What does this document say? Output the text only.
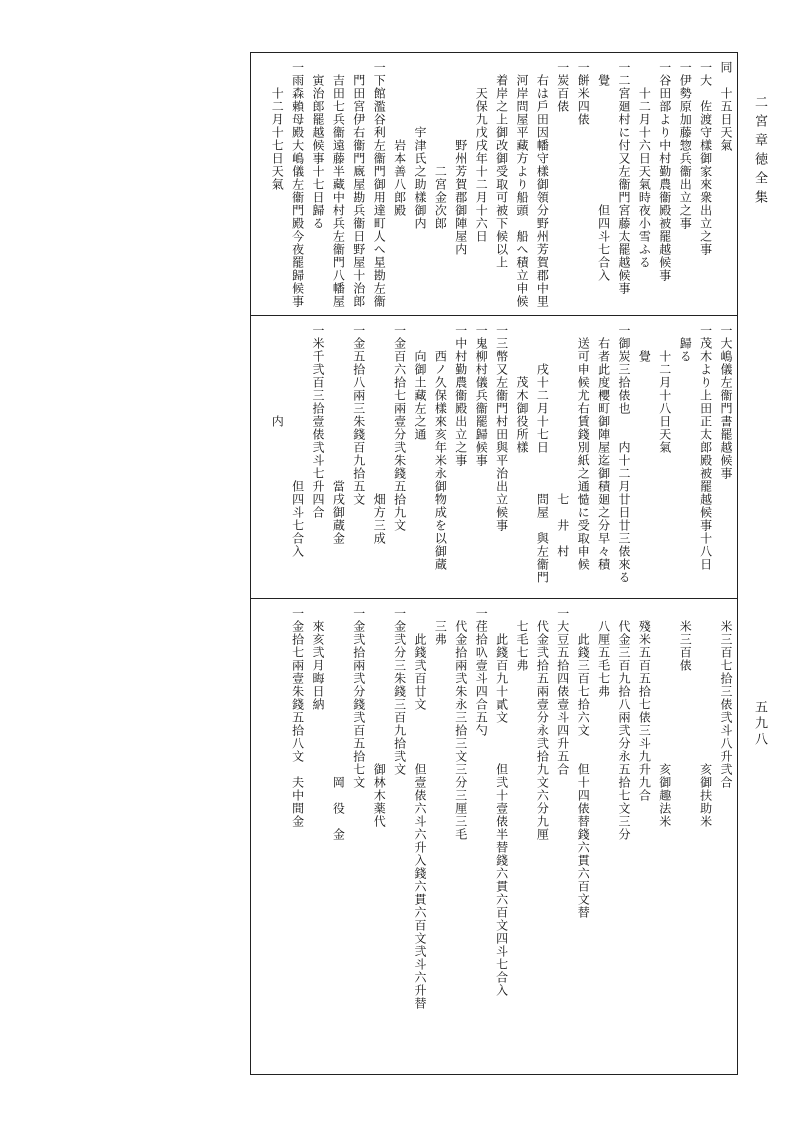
二宮章徳全集
五九八
同　十五日天氣
一大　佐渡守樣御家來衆出立之事
一伊勢原加藤惣兵衞出立之事
一谷田部より中村勤農衞殿被罷越候事
　　十二月十六日天氣時夜小雪ふる
一二宮廻村に付又左衞門宮藤太罷越候事
　覺　　　　　　　　　但四斗七合入
一餅米四俵
一炭百俵
　右は戶田因幡守樣御領分野州芳賀郡中里
　河岸問屋平藏方より船頭　船へ積立申候
　着岸之上御改御受取可被下候以上
　　天保九戊戌年十二月十六日
　　　　　　野州芳賀郡御陣屋内
　　　　　　　　二宮金次郎
　　　　　宇津氏之助樣御内
　　　　　　岩本善八郎殿
一下館濫谷利左衞門御用達町人へ星勘左衞
　門田宮伊右衞門廐屋勘兵衞日野屋十治郎
　吉田七兵衞遠藤半藏中村兵左衞門八幡屋
　寅治郎罷越候事十七日歸る
一雨森賴母殿大嶋儀左衞門殿今夜罷歸候事
　　十二月十七日天氣
一大嶋儀左衞門書罷越候事
一茂木より上田正太郎殿被罷越候事十八日
　歸る
　　十二月十八日天氣
　　覺
一御炭三拾俵也　　内十二月廿日廿三俵來る
　右者此度櫻町御陣屋迄御積廻之分早々積
　送可申候尤右賃錢別紙之通慥に受取申候
　　　　　　　　　　　　　七　井　村
　　　戌十二月十七日　　　問屋　與左衞門
　　　　茂木御役所樣
一三幣又左衞門村田與平治出立候事
一鬼柳村儀兵衞罷歸候事
一中村勤農衞殿出立之事
　　西ノ久保樣來亥年米永御物成を以御蔵
　　向御土藏左之通
一金百六拾七兩壹分弐朱錢五拾九文
　　　　　　　　　　　　　畑方三成
一金五拾八兩三朱錢百九拾五文
　　　　　　　　　　　　當戌御蔵金
一米千弐百三拾壹俵弐斗七升四合
　　　　　　　　　　　　但四斗七合入
　　　　　　　内
　米三百七拾三俵弐斗八升弐合
　　　　　　　　　　　　亥御扶助米
　米三百俵
　　　　　　　　　　　　亥御趣法米
　殘米五百五拾七俵三斗九升九合
　代金三百九拾八兩弐分永五拾七文三分
　八厘五毛七弗
　　此錢三百七拾六文　　但十四俵替錢六貫六百文替
一大豆五拾四俵壹斗四升五合
　代金弐拾五兩壹分永弐拾九文六分九厘
　七毛七弗
　　此錢百九十貳文　　　但弐十壹俵半替錢六貫六百文四斗七合入
一荏拾叺壹斗四合五勺
　代金拾兩弐朱永三拾三文三分三厘三毛
　三弗
　　此錢弐百廿文　　　　但壹俵六斗六升入錢六貫六百文弐斗六升替
一金弐分三朱錢三百九拾弐文
　　　　　　　　　　　　御林木薬代
一金弐拾兩弐分錢弐百五拾七文
　　　　　　　　　　　　　岡　役　金
　來亥弐月晦日納
一金拾七兩壹朱錢五拾八文　夫中間金
